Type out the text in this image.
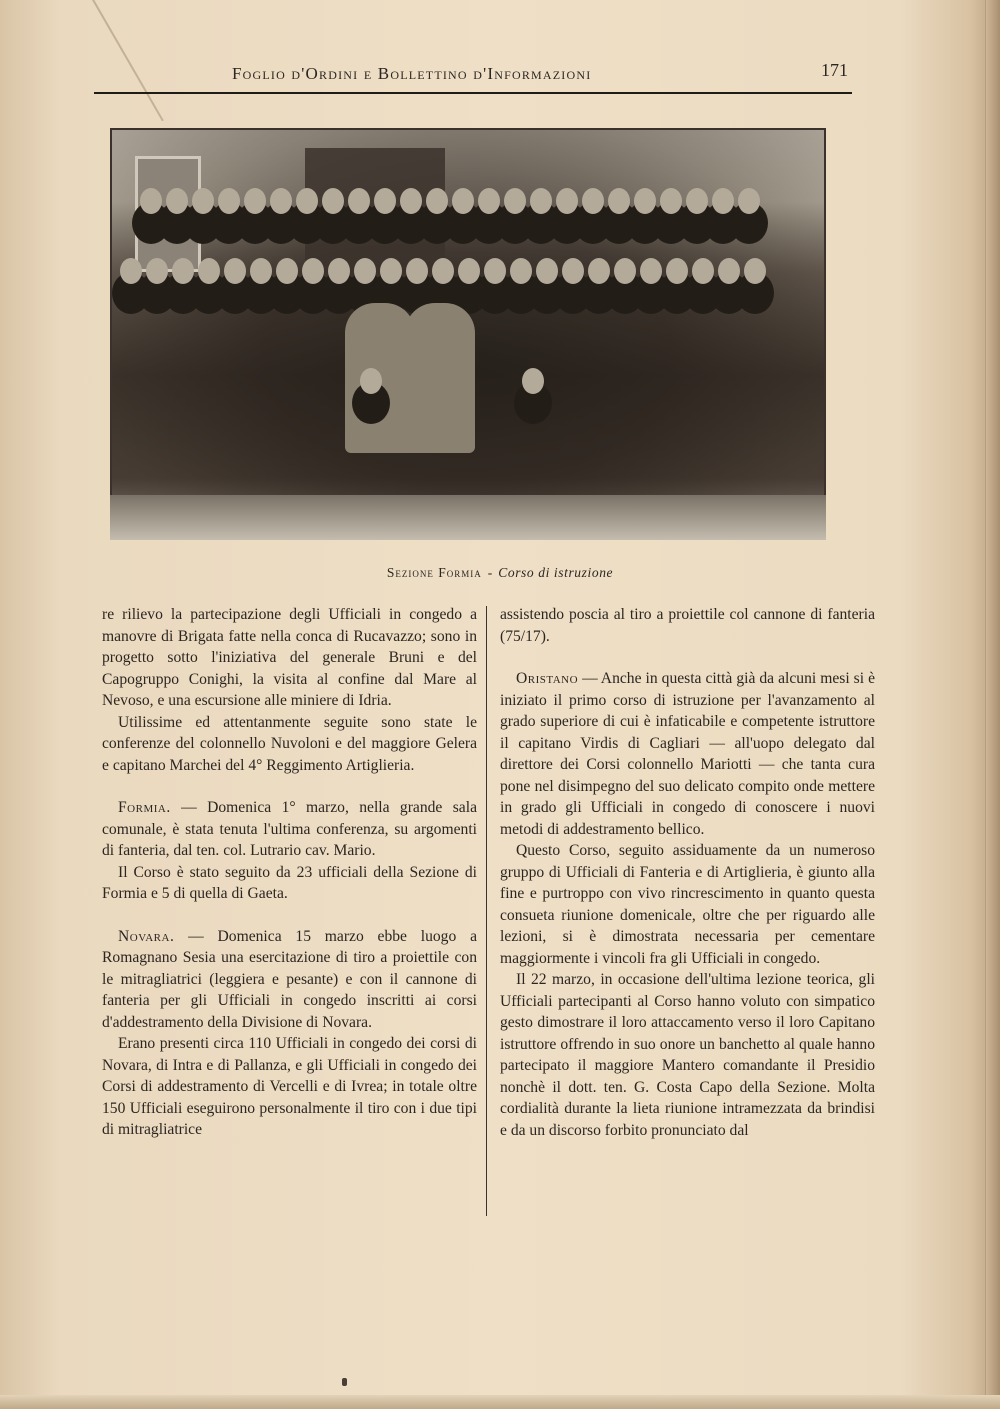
Foglio d'Ordini e Bollettino d'Informazioni	171
Sezione Formia - Corso di istruzione

re rilievo la partecipazione degli Ufficiali in congedo a manovre di Brigata fatte nella conca di Rucavazzo; sono in progetto sotto l'iniziativa del generale Bruni e del Capogruppo Conighi, la visita al confine dal Mare al Nevoso, e una escursione alle miniere di Idria.

Utilissime ed attentanmente seguite sono state le conferenze del colonnello Nuvoloni e del maggiore Gelera e capitano Marchei del 4° Reggimento Artiglieria.

Formia. — Domenica 1° marzo, nella grande sala comunale, è stata tenuta l'ultima conferenza, su argomenti di fanteria, dal ten. col. Lutrario cav. Mario.

Il Corso è stato seguito da 23 ufficiali della Sezione di Formia e 5 di quella di Gaeta.

Novara. — Domenica 15 marzo ebbe luogo a Romagnano Sesia una esercitazione di tiro a proiettile con le mitragliatrici (leggiera e pesante) e con il cannone di fanteria per gli Ufficiali in congedo inscritti ai corsi d'addestramento della Divisione di Novara.

Erano presenti circa 110 Ufficiali in congedo dei corsi di Novara, di Intra e di Pallanza, e gli Ufficiali in congedo dei Corsi di addestramento di Vercelli e di Ivrea; in totale oltre 150 Ufficiali eseguirono personalmente il tiro con i due tipi di mitragliatrice

assistendo poscia al tiro a proiettile col cannone di fanteria (75/17).

Oristano — Anche in questa città già da alcuni mesi si è iniziato il primo corso di istruzione per l'avanzamento al grado superiore di cui è infaticabile e competente istruttore il capitano Virdis di Cagliari — all'uopo delegato dal direttore dei Corsi colonnello Mariotti — che tanta cura pone nel disimpegno del suo delicato compito onde mettere in grado gli Ufficiali in congedo di conoscere i nuovi metodi di addestramento bellico.

Questo Corso, seguito assiduamente da un numeroso gruppo di Ufficiali di Fanteria e di Artiglieria, è giunto alla fine e purtroppo con vivo rincrescimento in quanto questa consueta riunione domenicale, oltre che per riguardo alle lezioni, si è dimostrata necessaria per cementare maggiormente i vincoli fra gli Ufficiali in congedo.

Il 22 marzo, in occasione dell'ultima lezione teorica, gli Ufficiali partecipanti al Corso hanno voluto con simpatico gesto dimostrare il loro attaccamento verso il loro Capitano istruttore offrendo in suo onore un banchetto al quale hanno partecipato il maggiore Mantero comandante il Presidio nonchè il dott. ten. G. Costa Capo della Sezione. Molta cordialità durante la lieta riunione intramezzata da brindisi e da un discorso forbito pronunciato dal
